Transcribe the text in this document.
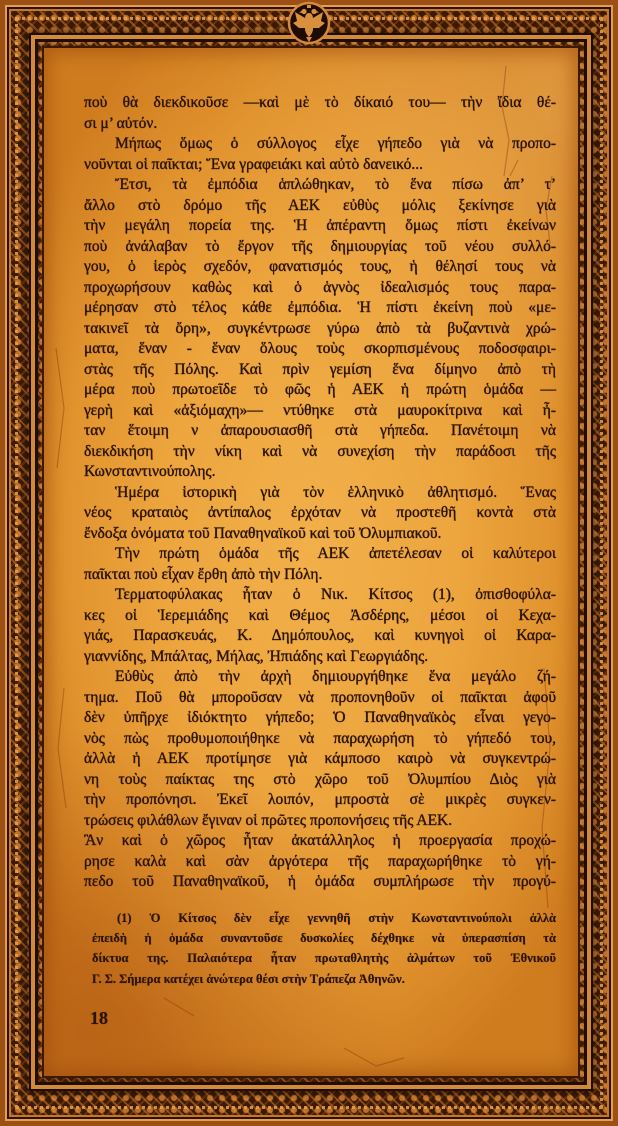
ποὺ θὰ διεκδικοῦσε —καὶ μὲ τὸ δίκαιό του— τὴν ἴδια θέ-
σι μ’ αὐτόν.
Μήπως ὅμως ὁ σύλλογος εἶχε γήπεδο γιὰ νὰ προπο-
νοῦνται οἱ παῖκται; Ἕνα γραφειάκι καὶ αὐτὸ δανεικό...
Ἔτσι, τὰ ἐμπόδια ἁπλώθηκαν, τὸ ἕνα πίσω ἀπ’ τ’
ἄλλο στὸ δρόμο τῆς ΑΕΚ εὐθὺς μόλις ξεκίνησε γιὰ
τὴν μεγάλη πορεία της. Ἡ ἀπέραντη ὅμως πίστι ἐκείνων
ποὺ ἀνάλαβαν τὸ ἔργον τῆς δημιουργίας τοῦ νέου συλλό-
γου, ὁ ἱερὸς σχεδόν, φανατισμός τους, ἡ θέλησί τους νὰ
προχωρήσουν καθὼς καὶ ὁ ἁγνὸς ἰδεαλισμός τους παρα-
μέρησαν στὸ τέλος κάθε ἐμπόδια. Ἡ πίστι ἐκείνη ποὺ «με-
τακινεῖ τὰ ὄρη», συγκέντρωσε γύρω ἀπὸ τὰ βυζαντινὰ χρώ-
ματα, ἕναν - ἕναν ὅλους τοὺς σκορπισμένους ποδοσφαιρι-
στὰς τῆς Πόλης. Καὶ πρὶν γεμίση ἕνα δίμηνο ἀπὸ τὴ
μέρα ποὺ πρωτοεῖδε τὸ φῶς ἡ ΑΕΚ ἡ πρώτη ὁμάδα —
γερὴ καὶ «ἀξιόμαχη»— ντύθηκε στὰ μαυροκίτρινα καὶ ἦ-
ταν ἕτοιμη ν ἀπαρουσιασθῆ στὰ γήπεδα. Πανέτοιμη νὰ
διεκδικήση τὴν νίκη καὶ νὰ συνεχίση τὴν παράδοσι τῆς
Κωνσταντινούπολης.
Ἡμέρα ἱστορικὴ γιὰ τὸν ἑλληνικὸ ἀθλητισμό. Ἕνας
νέος κραταιὸς ἀντίπαλος ἐρχόταν νὰ προστεθῆ κοντὰ στὰ
ἔνδοξα ὀνόματα τοῦ Παναθηναϊκοῦ καὶ τοῦ Ὀλυμπιακοῦ.
Τὴν πρώτη ὁμάδα τῆς ΑΕΚ ἀπετέλεσαν οἱ καλύτεροι
παῖκται ποὺ εἶχαν ἔρθη ἀπὸ τὴν Πόλη.
Τερματοφύλακας ἦταν ὁ Νικ. Κίτσος (1), ὀπισθοφύλα-
κες οἱ Ἱερεμιάδης καὶ Θέμος Ἀσδέρης, μέσοι οἱ Κεχα-
γιάς, Παρασκευάς, Κ. Δημόπουλος, καὶ κυνηγοὶ οἱ Καρα-
γιαννίδης, Μπάλτας, Μήλας, Ἠπιάδης καὶ Γεωργιάδης.
Εὐθὺς ἀπὸ τὴν ἀρχὴ δημιουργήθηκε ἕνα μεγάλο ζή-
τημα. Ποῦ θὰ μποροῦσαν νὰ προπονηθοῦν οἱ παῖκται ἀφοῦ
δὲν ὑπῆρχε ἰδιόκτητο γήπεδο; Ὁ Παναθηναϊκὸς εἶναι γεγο-
νὸς πὼς προθυμοποιήθηκε νὰ παραχωρήση τὸ γήπεδό του,
ἀλλὰ ἡ ΑΕΚ προτίμησε γιὰ κάμποσο καιρὸ νὰ συγκεντρώ-
νη τοὺς παίκτας της στὸ χῶρο τοῦ Ὀλυμπίου Διὸς γιὰ
τὴν προπόνησι. Ἐκεῖ λοιπόν, μπροστὰ σὲ μικρὲς συγκεν-
τρώσεις φιλάθλων ἔγιναν οἱ πρῶτες προπονήσεις τῆς ΑΕΚ.
Ἂν καὶ ὁ χῶρος ἦταν ἀκατάλληλος ἡ προεργασία προχώ-
ρησε καλὰ καὶ σὰν ἀργότερα τῆς παραχωρήθηκε τὸ γή-
πεδο τοῦ Παναθηναϊκοῦ, ἡ ὁμάδα συμπλήρωσε τὴν προγύ-
(1) Ὁ Κίτσος δὲν εἶχε γεννηθῆ στὴν Κωνσταντινούπολι ἀλλὰ
ἐπειδὴ ἡ ὁμάδα συναντοῦσε δυσκολίες δέχθηκε νὰ ὑπερασπίση τὰ
δίκτυα της. Παλαιότερα ἦταν πρωταθλητὴς ἁλμάτων τοῦ Ἐθνικοῦ
Γ. Σ. Σήμερα κατέχει ἀνώτερα θέσι στὴν Τράπεζα Ἀθηνῶν.
18
